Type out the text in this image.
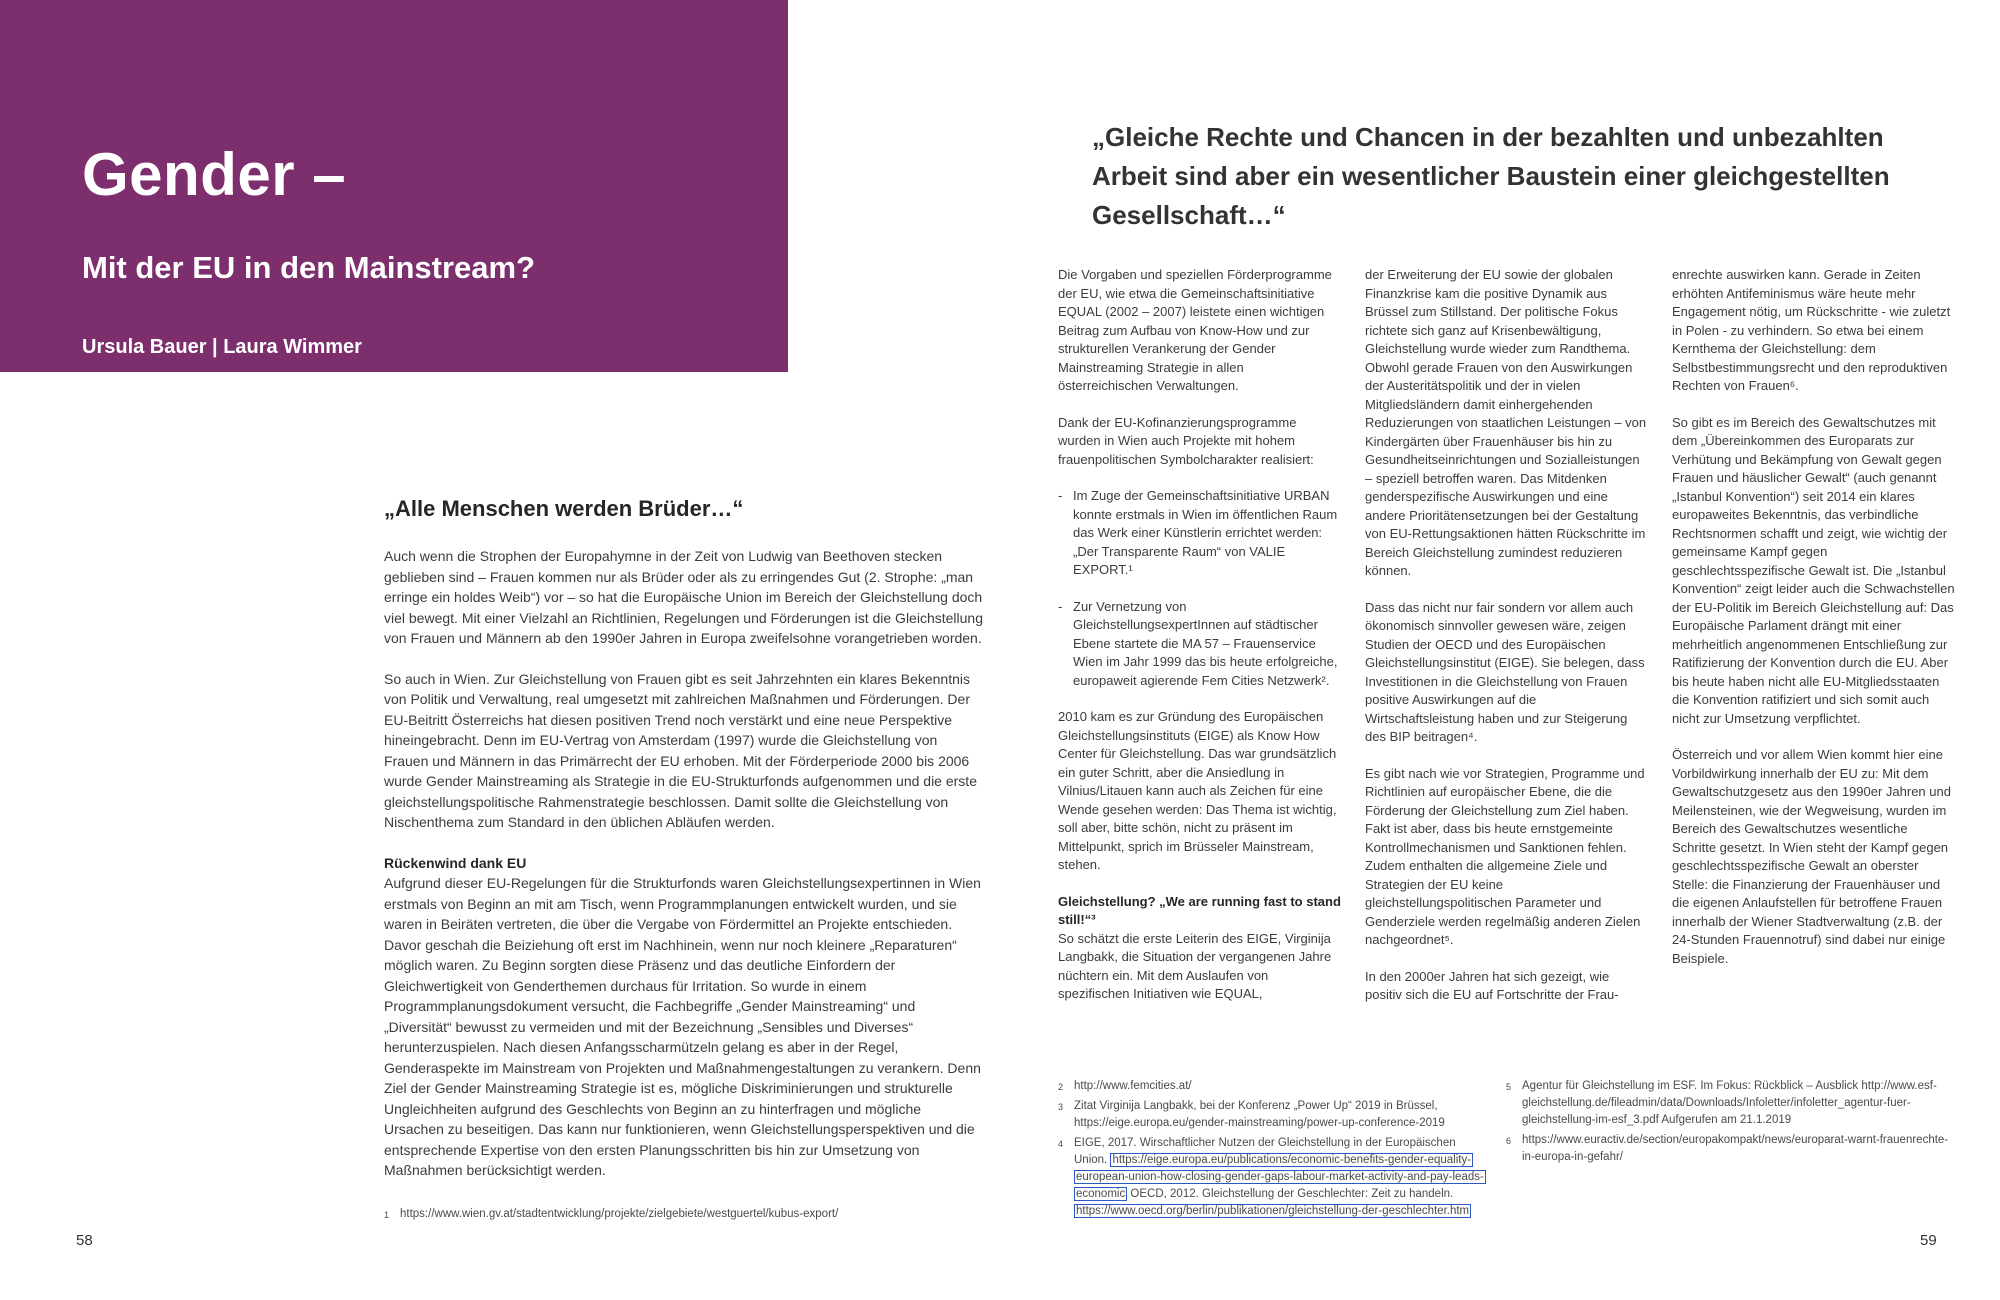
Gender –
Mit der EU in den Mainstream?
Ursula Bauer | Laura Wimmer
„Alle Menschen werden Brüder…“

Auch wenn die Strophen der Europahymne in der Zeit von Ludwig van Beethoven stecken geblieben sind – Frauen kommen nur als Brüder oder als zu erringendes Gut (2. Strophe: „man erringe ein holdes Weib“) vor – so hat die Europäische Union im Bereich der Gleichstellung doch viel bewegt. Mit einer Vielzahl an Richtlinien, Regelungen und Förderungen ist die Gleichstellung von Frauen und Männern ab den 1990er Jahren in Europa zweifelsohne vorangetrieben worden.

So auch in Wien. Zur Gleichstellung von Frauen gibt es seit Jahrzehnten ein klares Bekenntnis von Politik und Verwaltung, real umgesetzt mit zahlreichen Maßnahmen und Förderungen. Der EU-Beitritt Österreichs hat diesen positiven Trend noch verstärkt und eine neue Perspektive hineingebracht. Denn im EU-Vertrag von Amsterdam (1997) wurde die Gleichstellung von Frauen und Männern in das Primärrecht der EU erhoben. Mit der Förderperiode 2000 bis 2006 wurde Gender Mainstreaming als Strategie in die EU-Strukturfonds aufgenommen und die erste gleichstellungspolitische Rahmenstrategie beschlossen. Damit sollte die Gleichstellung von Nischenthema zum Standard in den üblichen Abläufen werden.

Rückenwind dank EU

Aufgrund dieser EU-Regelungen für die Strukturfonds waren Gleichstellungsexpertinnen in Wien erstmals von Beginn an mit am Tisch, wenn Programmplanungen entwickelt wurden, und sie waren in Beiräten vertreten, die über die Vergabe von Fördermittel an Projekte entschieden. Davor geschah die Beiziehung oft erst im Nachhinein, wenn nur noch kleinere „Reparaturen“ möglich waren. Zu Beginn sorgten diese Präsenz und das deutliche Einfordern der Gleichwertigkeit von Genderthemen durchaus für Irritation. So wurde in einem Programmplanungsdokument versucht, die Fachbegriffe „Gender Mainstreaming“ und „Diversität“ bewusst zu vermeiden und mit der Bezeichnung „Sensibles und Diverses“ herunterzuspielen. Nach diesen Anfangsscharmützeln gelang es aber in der Regel, Genderaspekte im Mainstream von Projekten und Maßnahmengestaltungen zu verankern. Denn Ziel der Gender Mainstreaming Strategie ist es, mögliche Diskriminierungen und strukturelle Ungleichheiten aufgrund des Geschlechts von Beginn an zu hinterfragen und mögliche Ursachen zu beseitigen. Das kann nur funktionieren, wenn Gleichstellungsperspektiven und die entsprechende Expertise von den ersten Planungsschritten bis hin zur Umsetzung von Maßnahmen berücksichtigt werden.

1 https://www.wien.gv.at/stadtentwicklung/projekte/zielgebiete/westguertel/kubus-export/
58
„Gleiche Rechte und Chancen in der bezahlten und unbezahlten Arbeit sind aber ein wesentlicher Baustein einer gleichgestellten Gesellschaft…“

Die Vorgaben und speziellen Förderprogramme der EU, wie etwa die Gemeinschaftsinitiative EQUAL (2002 – 2007) leistete einen wichtigen Beitrag zum Aufbau von Know-How und zur strukturellen Verankerung der Gender Mainstreaming Strategie in allen österreichischen Verwaltungen.

Dank der EU-Kofinanzierungsprogramme wurden in Wien auch Projekte mit hohem frauenpolitischen Symbolcharakter realisiert:

- Im Zuge der Gemeinschaftsinitiative URBAN konnte erstmals in Wien im öffentlichen Raum das Werk einer Künstlerin errichtet werden: „Der Transparente Raum“ von VALIE EXPORT.¹
- Zur Vernetzung von GleichstellungsexpertInnen auf städtischer Ebene startete die MA 57 – Frauenservice Wien im Jahr 1999 das bis heute erfolgreiche, europaweit agierende Fem Cities Netzwerk².

2010 kam es zur Gründung des Europäischen Gleichstellungsinstituts (EIGE) als Know How Center für Gleichstellung. Das war grundsätzlich ein guter Schritt, aber die Ansiedlung in Vilnius/Litauen kann auch als Zeichen für eine Wende gesehen werden: Das Thema ist wichtig, soll aber, bitte schön, nicht zu präsent im Mittelpunkt, sprich im Brüsseler Mainstream, stehen.

Gleichstellung? „We are running fast to stand still!“³

So schätzt die erste Leiterin des EIGE, Virginija Langbakk, die Situation der vergangenen Jahre nüchtern ein. Mit dem Auslaufen von spezifischen Initiativen wie EQUAL,

der Erweiterung der EU sowie der globalen Finanzkrise kam die positive Dynamik aus Brüssel zum Stillstand. Der politische Fokus richtete sich ganz auf Krisenbewältigung, Gleichstellung wurde wieder zum Randthema. Obwohl gerade Frauen von den Auswirkungen der Austeritätspolitik und der in vielen Mitgliedsländern damit einhergehenden Reduzierungen von staatlichen Leistungen – von Kindergärten über Frauenhäuser bis hin zu Gesundheitseinrichtungen und Sozialleistungen – speziell betroffen waren. Das Mitdenken genderspezifische Auswirkungen und eine andere Prioritätensetzungen bei der Gestaltung von EU-Rettungsaktionen hätten Rückschritte im Bereich Gleichstellung zumindest reduzieren können.

Dass das nicht nur fair sondern vor allem auch ökonomisch sinnvoller gewesen wäre, zeigen Studien der OECD und des Europäischen Gleichstellungsinstitut (EIGE). Sie belegen, dass Investitionen in die Gleichstellung von Frauen positive Auswirkungen auf die Wirtschaftsleistung haben und zur Steigerung des BIP beitragen⁴.

Es gibt nach wie vor Strategien, Programme und Richtlinien auf europäischer Ebene, die die Förderung der Gleichstellung zum Ziel haben. Fakt ist aber, dass bis heute ernstgemeinte Kontrollmechanismen und Sanktionen fehlen. Zudem enthalten die allgemeine Ziele und Strategien der EU keine gleichstellungspolitischen Parameter und Genderziele werden regelmäßig anderen Zielen nachgeordnet⁵.

In den 2000er Jahren hat sich gezeigt, wie positiv sich die EU auf Fortschritte der Frau-

enrechte auswirken kann. Gerade in Zeiten erhöhten Antifeminismus wäre heute mehr Engagement nötig, um Rückschritte - wie zuletzt in Polen - zu verhindern. So etwa bei einem Kernthema der Gleichstellung: dem Selbstbestimmungsrecht und den reproduktiven Rechten von Frauen⁶.

So gibt es im Bereich des Gewaltschutzes mit dem „Übereinkommen des Europarats zur Verhütung und Bekämpfung von Gewalt gegen Frauen und häuslicher Gewalt“ (auch genannt „Istanbul Konvention“) seit 2014 ein klares europaweites Bekenntnis, das verbindliche Rechtsnormen schafft und zeigt, wie wichtig der gemeinsame Kampf gegen geschlechtsspezifische Gewalt ist. Die „Istanbul Konvention“ zeigt leider auch die Schwachstellen der EU-Politik im Bereich Gleichstellung auf: Das Europäische Parlament drängt mit einer mehrheitlich angenommenen Entschließung zur Ratifizierung der Konvention durch die EU. Aber bis heute haben nicht alle EU-Mitgliedsstaaten die Konvention ratifiziert und sich somit auch nicht zur Umsetzung verpflichtet.

Österreich und vor allem Wien kommt hier eine Vorbildwirkung innerhalb der EU zu: Mit dem Gewaltschutzgesetz aus den 1990er Jahren und Meilensteinen, wie der Wegweisung, wurden im Bereich des Gewaltschutzes wesentliche Schritte gesetzt. In Wien steht der Kampf gegen geschlechtsspezifische Gewalt an oberster Stelle: die Finanzierung der Frauenhäuser und die eigenen Anlaufstellen für betroffene Frauen innerhalb der Wiener Stadtverwaltung (z.B. der 24-Stunden Frauennotruf) sind dabei nur einige Beispiele.

2 http://www.femcities.at/
3 Zitat Virginija Langbakk, bei der Konferenz „Power Up“ 2019 in Brüssel, https://eige.europa.eu/gender-mainstreaming/power-up-conference-2019
4 EIGE, 2017. Wirschaftlicher Nutzen der Gleichstellung in der Europäischen Union. https://eige.europa.eu/publications/economic-benefits-gender-equality-european-union-how-closing-gender-gaps-labour-market-activity-and-pay-leads-economic OECD, 2012. Gleichstellung der Geschlechter: Zeit zu handeln. https://www.oecd.org/berlin/publikationen/gleichstellung-der-geschlechter.htm
5 Agentur für Gleichstellung im ESF. Im Fokus: Rückblick – Ausblick http://www.esf-gleichstellung.de/fileadmin/data/Downloads/Infoletter/infoletter_agentur-fuer-gleichstellung-im-esf_3.pdf Aufgerufen am 21.1.2019
6 https://www.euractiv.de/section/europakompakt/news/europarat-warnt-frauenrechte-in-europa-in-gefahr/
59
